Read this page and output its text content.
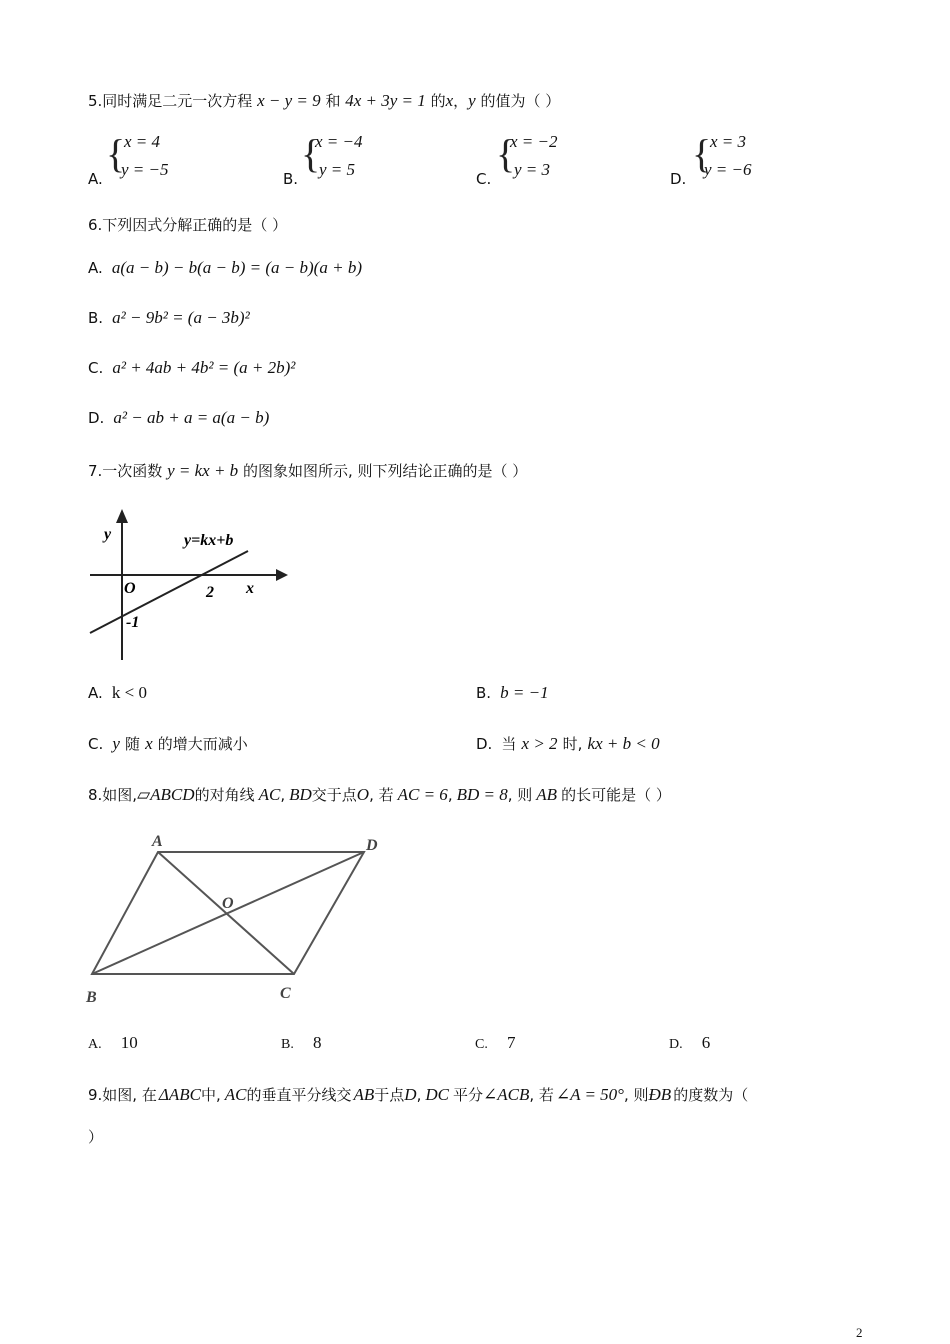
5.同时满足二元一次方程 x − y = 9 和 4x + 3y = 1 的x，y 的值为（ ）
A.
{
x = 4
y = −5	B.
{
x = −4
y = 5	C.
{
x = −2
y = 3	D.
{
x = 3
y = −6
6.下列因式分解正确的是（ ）
A. a(a − b) − b(a − b) = (a − b)(a + b)
B. a² − 9b² = (a − 3b)²
C. a² + 4ab + 4b² = (a + 2b)²
D. a² − ab + a = a(a − b)
7.一次函数 y = kx + b 的图象如图所示, 则下列结论正确的是（ ）
y
x
y=kx+b
O	2
-1
A. k < 0	B. b = −1
C. y 随 x 的增大而减小	D. 当 x > 2 时, kx + b < 0
8.如图,▱ABCD的对角线 AC, BD交于点O, 若 AC = 6, BD = 8, 则 AB 的长可能是（ ）
A	D
O
B	C
A. 10	B. 8	C. 7	D. 6
9.如图, 在 ΔABC中, AC的垂直平分线交 AB于点D, DC 平分∠ACB, 若 ∠A = 50°, 则ÐB 的度数为（
）
2
